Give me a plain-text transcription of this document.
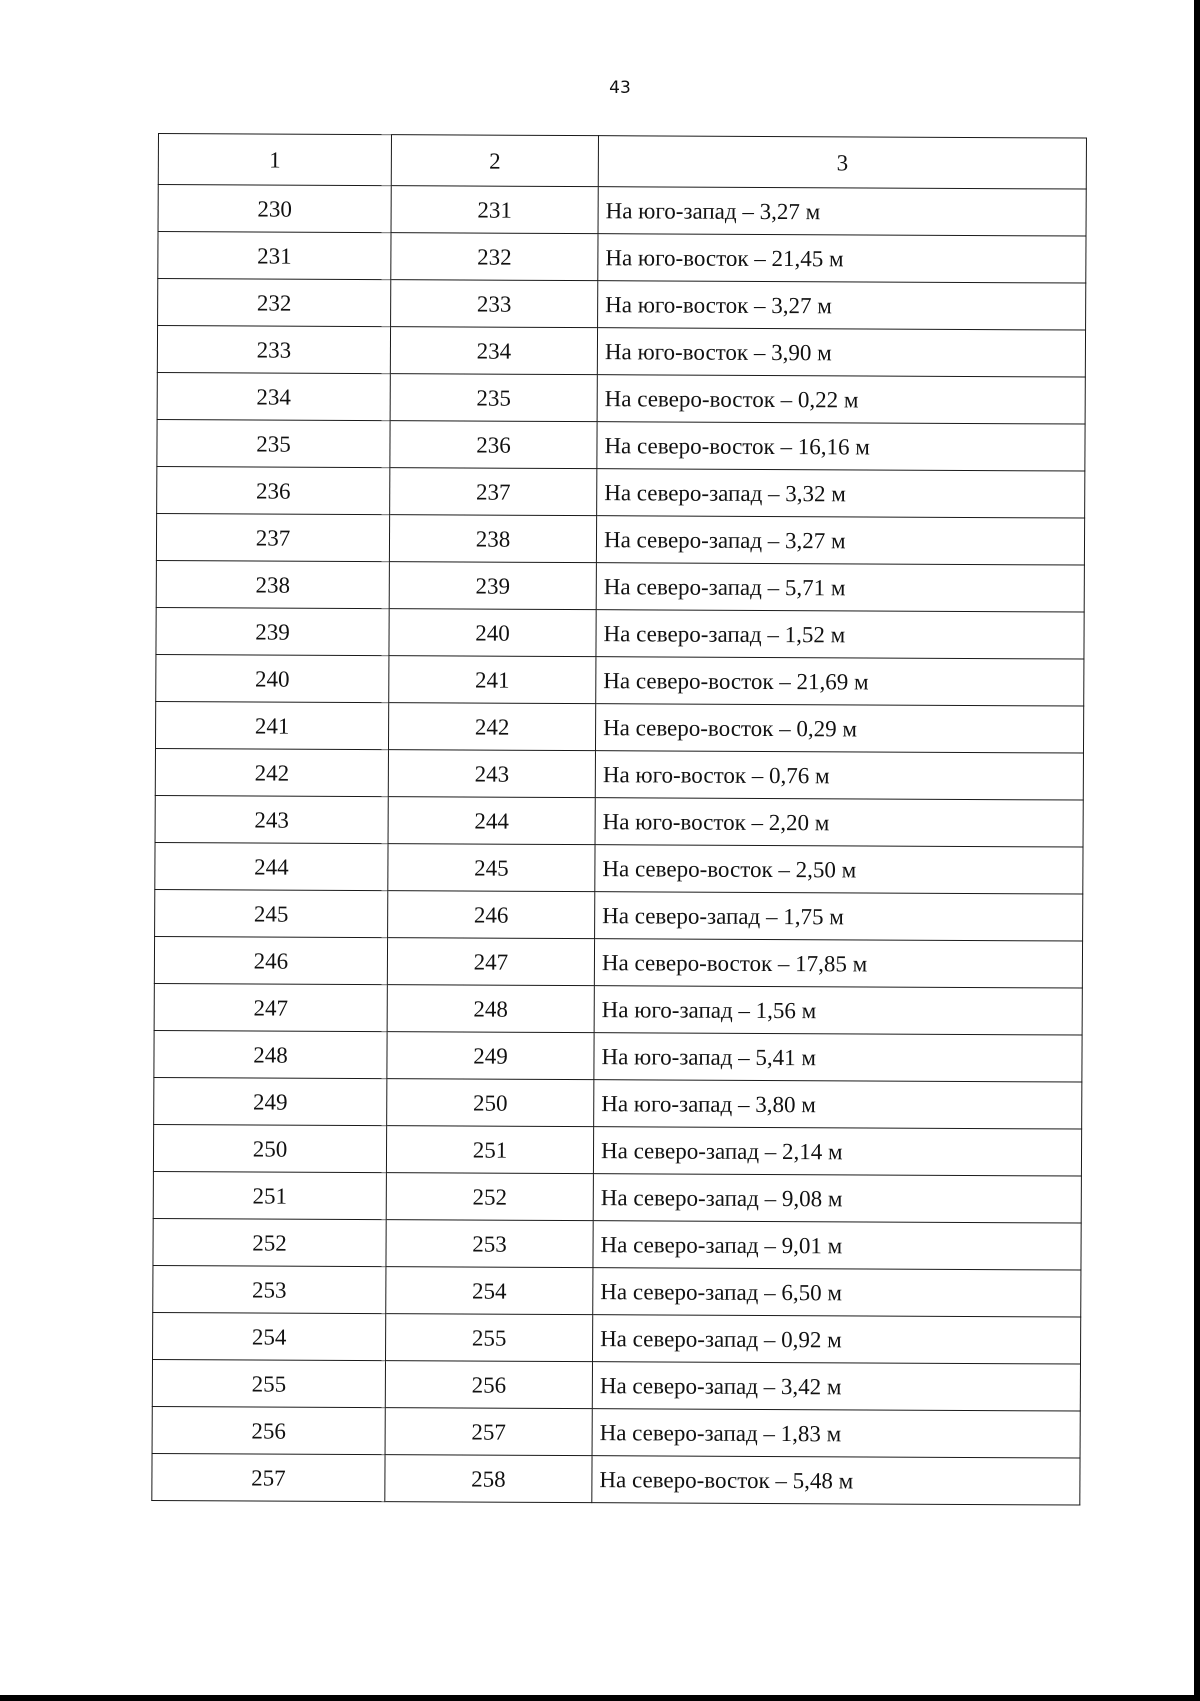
43
1	2	3
230	231	На юго-запад – 3,27 м
231	232	На юго-восток – 21,45 м
232	233	На юго-восток – 3,27 м
233	234	На юго-восток – 3,90 м
234	235	На северо-восток – 0,22 м
235	236	На северо-восток – 16,16 м
236	237	На северо-запад – 3,32 м
237	238	На северо-запад – 3,27 м
238	239	На северо-запад – 5,71 м
239	240	На северо-запад – 1,52 м
240	241	На северо-восток – 21,69 м
241	242	На северо-восток – 0,29 м
242	243	На юго-восток – 0,76 м
243	244	На юго-восток – 2,20 м
244	245	На северо-восток – 2,50 м
245	246	На северо-запад – 1,75 м
246	247	На северо-восток – 17,85 м
247	248	На юго-запад – 1,56 м
248	249	На юго-запад – 5,41 м
249	250	На юго-запад – 3,80 м
250	251	На северо-запад – 2,14 м
251	252	На северо-запад – 9,08 м
252	253	На северо-запад – 9,01 м
253	254	На северо-запад – 6,50 м
254	255	На северо-запад – 0,92 м
255	256	На северо-запад – 3,42 м
256	257	На северо-запад – 1,83 м
257	258	На северо-восток – 5,48 м
